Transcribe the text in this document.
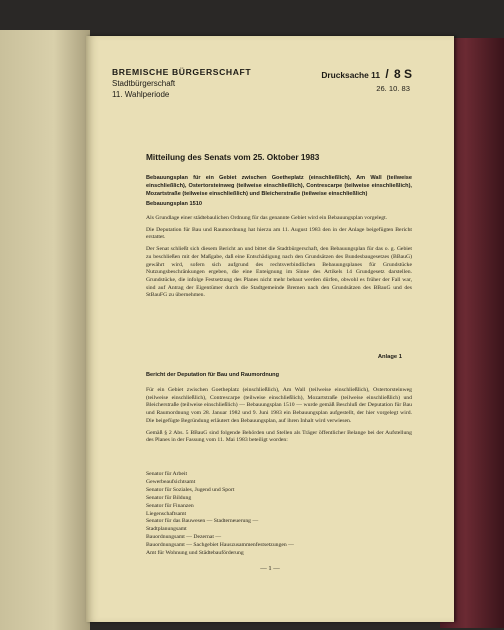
BREMISCHE BÜRGERSCHAFT
Stadtbürgerschaft
11. Wahlperiode
Drucksache 11 / 8 S
26. 10. 83
Mitteilung des Senats vom 25. Oktober 1983
Bebauungsplan für ein Gebiet zwischen Goetheplatz (einschließlich), Am Wall (teilweise einschließlich), Ostertorsteinweg (teilweise einschließlich), Contrescarpe (teilweise einschließlich), Mozartstraße (teilweise einschließlich) und Bleicherstraße (teilweise einschließlich)
Bebauungsplan 1510

Als Grundlage einer städtebaulichen Ordnung für das genannte Gebiet wird ein Bebauungsplan vorgelegt.

Die Deputation für Bau und Raumordnung hat hierzu am 11. August 1983 den in der Anlage beigefügten Bericht erstattet.

Der Senat schließt sich diesem Bericht an und bittet die Stadtbürgerschaft, den Bebauungsplan für das o. g. Gebiet zu beschließen mit der Maßgabe, daß eine Entschädigung nach den Grundsätzen des Bundesbaugesetzes (BBauG) gewährt wird, sofern sich aufgrund des rechtsverbindlichen Bebauungsplanes für Grundstücke Nutzungsbeschränkungen ergeben, die eine Enteignung im Sinne des Artikels 14 Grundgesetz darstellen. Grundstücke, die infolge Festsetzung des Planes nicht mehr bebaut werden dürfen, obwohl es früher der Fall war, sind auf Antrag der Eigentümer durch die Stadtgemeinde Bremen nach den Grundsätzen des BBauG und des StBauFG zu übernehmen.

Anlage 1
Bericht der Deputation für Bau und Raumordnung

Für ein Gebiet zwischen Goetheplatz (einschließlich), Am Wall (teilweise einschließlich), Ostertorsteinweg (teilweise einschließlich), Contrescarpe (teilweise einschließlich), Mozartstraße (teilweise einschließlich) und Bleicherstraße (teilweise einschließlich) — Bebauungsplan 1510 — wurde gemäß Beschluß der Deputation für Bau und Raumordnung vom 28. Januar 1982 und 9. Juni 1983 ein Bebauungsplan aufgestellt, der hier vorgelegt wird. Die beigefügte Begründung erläutert den Bebauungsplan, auf ihren Inhalt wird verwiesen.

Gemäß § 2 Abs. 5 BBauG sind folgende Behörden und Stellen als Träger öffentlicher Belange bei der Aufstellung des Planes in der Fassung vom 11. Mai 1983 beteiligt worden:

Senator für Arbeit
Gewerbeaufsichtsamt
Senator für Soziales, Jugend und Sport
Senator für Bildung
Senator für Finanzen
Liegenschaftsamt
Senator für das Bauwesen — Stadterneuerung —
Stadtplanungsamt
Bauordnungsamt — Dezernat —
Bauordnungsamt — Sachgebiet Hauszusammenfestsetzungen —
Amt für Wohnung und Städtebauförderung
— 1 —
